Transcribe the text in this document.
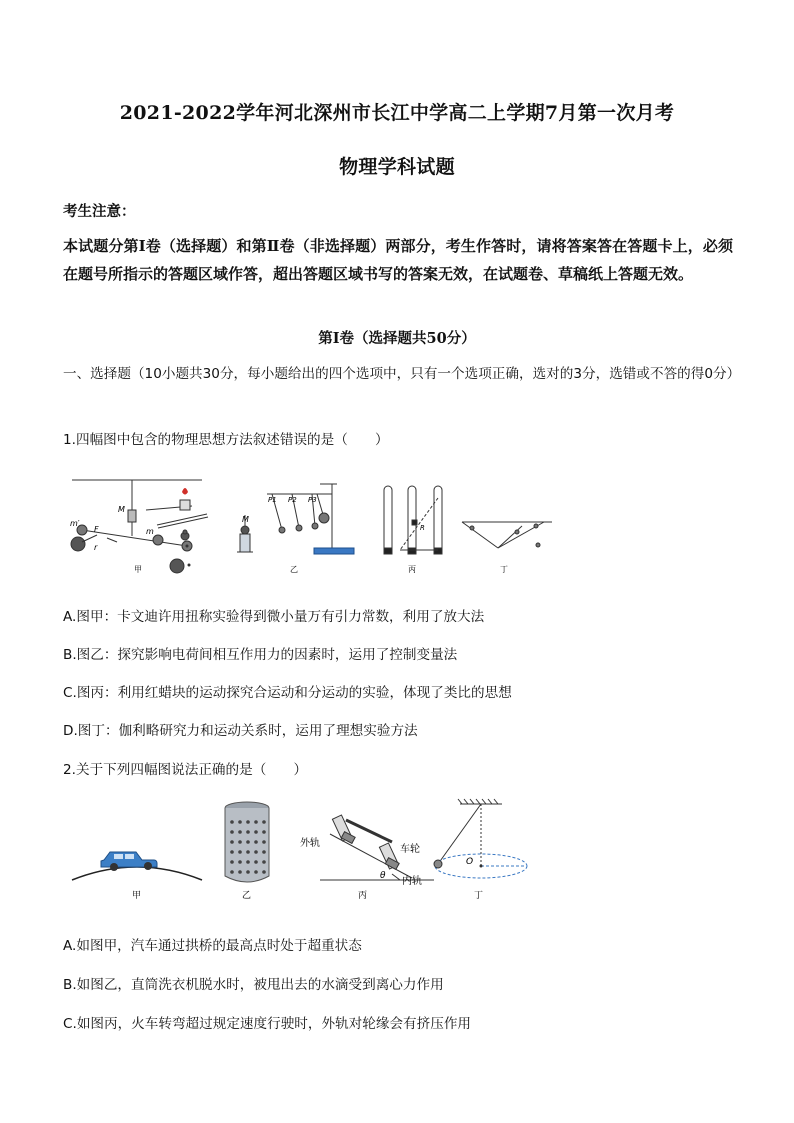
2021-2022学年河北深州市长江中学高二上学期7月第一次月考
物理学科试题
考生注意：
本试题分第Ⅰ卷（选择题）和第Ⅱ卷（非选择题）两部分，考生作答时，请将答案答在答题卡上，必须在题号所指示的答题区域作答，超出答题区域书写的答案无效，在试题卷、草稿纸上答题无效。
第Ⅰ卷（选择题共50分）
一、选择题（10小题共30分，每小题给出的四个选项中，只有一个选项正确，选对的3分，选错或不答的得0分）
1.四幅图中包含的物理思想方法叙述错误的是（　　）
m′
F
r
M
m
甲
M
P1 P2 P3
乙
R
丙	丁
A.图甲：卡文迪许用扭称实验得到微小量万有引力常数，利用了放大法
B.图乙：探究影响电荷间相互作用力的因素时，运用了控制变量法
C.图丙：利用红蜡块的运动探究合运动和分运动的实验，体现了类比的思想
D.图丁：伽利略研究力和运动关系时，运用了理想实验方法
2.关于下列四幅图说法正确的是（　　）
甲	乙
外轨
车轮
内轨
θ
丙
O
丁
A.如图甲，汽车通过拱桥的最高点时处于超重状态
B.如图乙，直筒洗衣机脱水时，被甩出去的水滴受到离心力作用
C.如图丙，火车转弯超过规定速度行驶时，外轨对轮缘会有挤压作用
